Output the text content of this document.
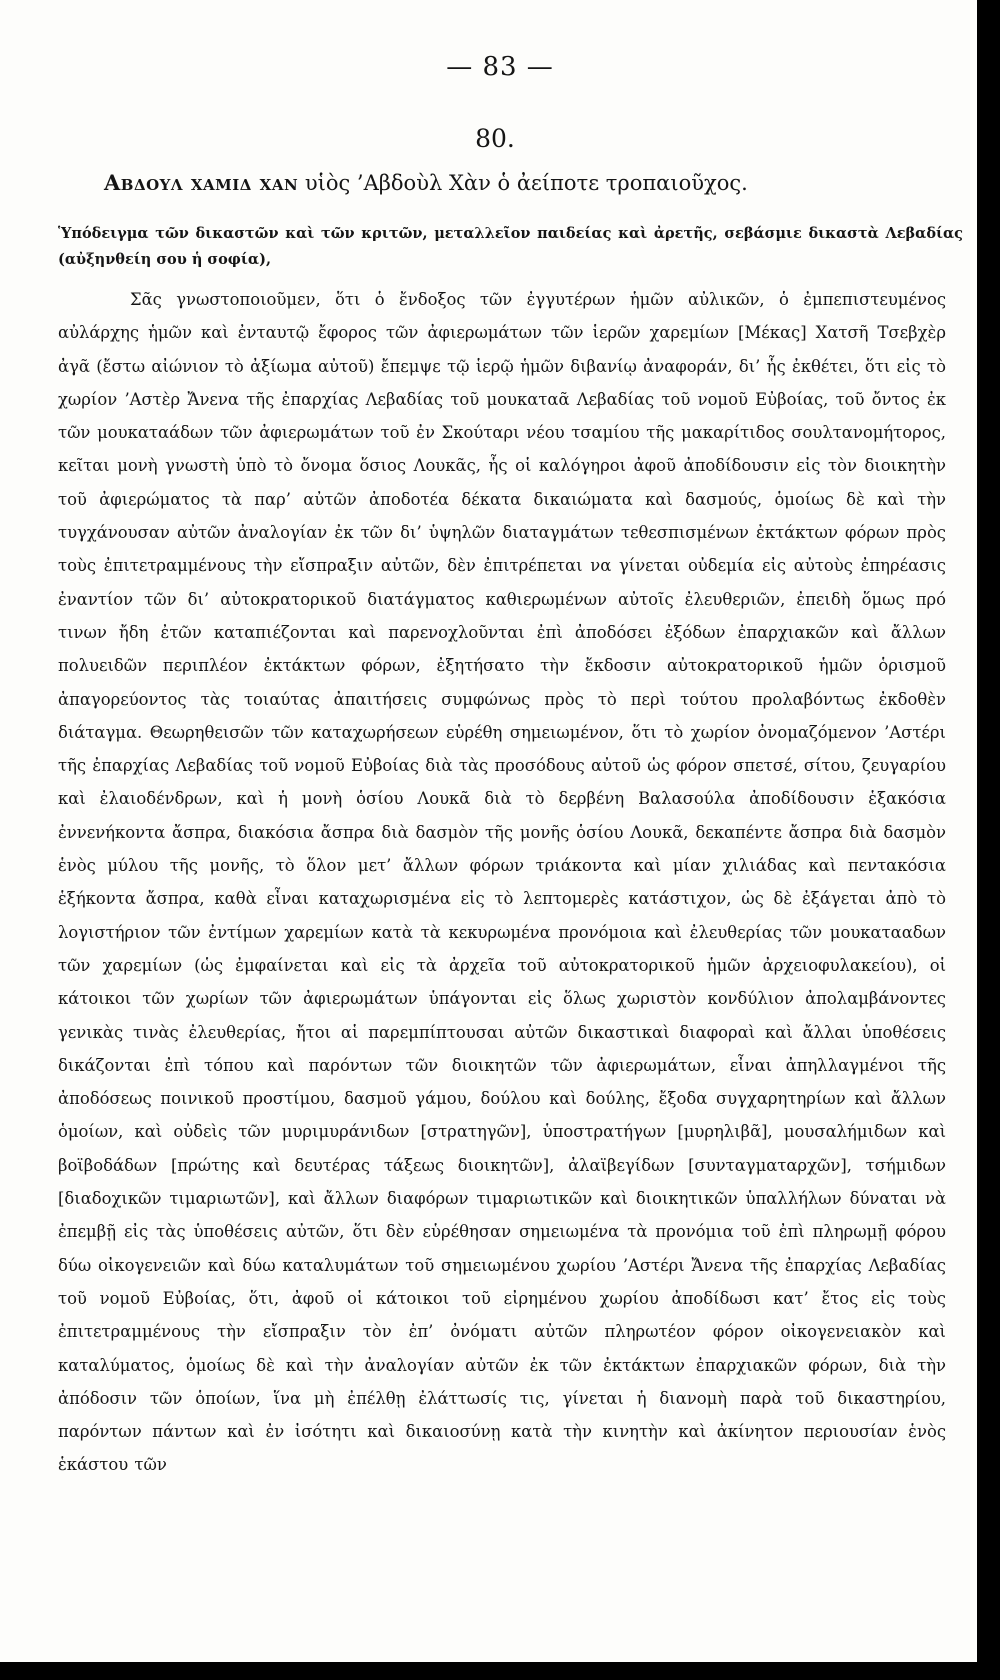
— 83 —
80.
Αβδουλ χαμιδ χαν υἱὸς ’Αβδοὺλ Χὰν ὁ ἀείποτε τροπαιοῦχος.
Ὑπόδειγμα τῶν δικαστῶν καὶ τῶν κριτῶν, μεταλλεῖον παιδείας καὶ ἀρετῆς, σεβάσμιε δικαστὰ Λεβαδίας (αὐξηνθείη σου ἡ σοφία),

Σᾶς γνωστοποιοῦμεν, ὅτι ὁ ἔνδοξος τῶν ἐγγυτέρων ἡμῶν αὐλικῶν, ὁ ἐμπεπιστευμένος αὐλάρχης ἡμῶν καὶ ἐνταυτῷ ἔφορος τῶν ἀφιερωμάτων τῶν ἱερῶν χαρεμίων [Μέκας] Χατσῆ Τσεβχὲρ ἀγᾶ (ἔστω αἰώνιον τὸ ἀξίωμα αὐτοῦ) ἔπεμψε τῷ ἱερῷ ἡμῶν διβανίῳ ἀναφοράν, δι’ ἧς ἐκθέτει, ὅτι εἰς τὸ χωρίον ’Αστὲρ Ἄνενα τῆς ἐπαρχίας Λεβαδίας τοῦ μουκαταᾶ Λεβαδίας τοῦ νομοῦ Εὐβοίας, τοῦ ὄντος ἐκ τῶν μουκαταάδων τῶν ἀφιερωμάτων τοῦ ἐν Σκούταρι νέου τσαμίου τῆς μακαρίτιδος σουλτανομήτορος, κεῖται μονὴ γνωστὴ ὑπὸ τὸ ὄνομα ὅσιος Λουκᾶς, ἧς οἱ καλόγηροι ἀφοῦ ἀποδίδουσιν εἰς τὸν διοικητὴν τοῦ ἀφιερώματος τὰ παρ’ αὐτῶν ἀποδοτέα δέκατα δικαιώματα καὶ δασμούς, ὁμοίως δὲ καὶ τὴν τυγχάνουσαν αὐτῶν ἀναλογίαν ἐκ τῶν δι’ ὑψηλῶν διαταγμάτων τεθεσπισμένων ἐκτάκτων φόρων πρὸς τοὺς ἐπιτετραμμένους τὴν εἴσπραξιν αὐτῶν, δὲν ἐπιτρέπεται να γίνεται οὐδεμία εἰς αὐτοὺς ἐπηρέασις ἐναντίον τῶν δι’ αὐτοκρατορικοῦ διατάγματος καθιερωμένων αὐτοῖς ἐλευθεριῶν, ἐπειδὴ ὅμως πρό τινων ἤδη ἐτῶν καταπιέζονται καὶ παρενοχλοῦνται ἐπὶ ἀποδόσει ἐξόδων ἐπαρχιακῶν καὶ ἄλλων πολυειδῶν περιπλέον ἐκτάκτων φόρων, ἐξητήσατο τὴν ἔκδοσιν αὐτοκρατορικοῦ ἡμῶν ὁρισμοῦ ἀπαγορεύοντος τὰς τοιαύτας ἀπαιτήσεις συμφώνως πρὸς τὸ περὶ τούτου προλαβόντως ἐκδοθὲν διάταγμα. Θεωρηθεισῶν τῶν καταχωρήσεων εὑρέθη σημειωμένον, ὅτι τὸ χωρίον ὀνομαζόμενον ’Αστέρι τῆς ἐπαρχίας Λεβαδίας τοῦ νομοῦ Εὐβοίας διὰ τὰς προσόδους αὐτοῦ ὡς φόρον σπετσέ, σίτου, ζευγαρίου καὶ ἐλαιοδένδρων, καὶ ἡ μονὴ ὁσίου Λουκᾶ διὰ τὸ δερβένη Βαλασούλα ἀποδίδουσιν ἑξακόσια ἐννενήκοντα ἄσπρα, διακόσια ἄσπρα διὰ δασμὸν τῆς μονῆς ὁσίου Λουκᾶ, δεκαπέντε ἄσπρα διὰ δασμὸν ἑνὸς μύλου τῆς μονῆς, τὸ ὅλον μετ’ ἄλλων φόρων τριάκοντα καὶ μίαν χιλιάδας καὶ πεντακόσια ἑξήκοντα ἄσπρα, καθὰ εἶναι καταχωρισμένα εἰς τὸ λεπτομερὲς κατάστιχον, ὡς δὲ ἐξάγεται ἀπὸ τὸ λογιστήριον τῶν ἐντίμων χαρεμίων κατὰ τὰ κεκυρωμένα προνόμοια καὶ ἐλευθερίας τῶν μουκατααδων τῶν χαρεμίων (ὡς ἐμφαίνεται καὶ εἰς τὰ ἀρχεῖα τοῦ αὐτοκρατορικοῦ ἡμῶν ἀρχειοφυλακείου), οἱ κάτοικοι τῶν χωρίων τῶν ἀφιερωμάτων ὑπάγονται εἰς ὅλως χωριστὸν κονδύλιον ἀπολαμβάνοντες γενικὰς τινὰς ἐλευθερίας, ἤτοι αἱ παρεμπίπτουσαι αὐτῶν δικαστικαὶ διαφοραὶ καὶ ἄλλαι ὑποθέσεις δικάζονται ἐπὶ τόπου καὶ παρόντων τῶν διοικητῶν τῶν ἀφιερωμάτων, εἶναι ἀπηλλαγμένοι τῆς ἀποδόσεως ποινικοῦ προστίμου, δασμοῦ γάμου, δούλου καὶ δούλης, ἔξοδα συγχαρητηρίων καὶ ἄλλων ὁμοίων, καὶ οὐδεὶς τῶν μυριμυράνιδων [στρατηγῶν], ὑποστρατήγων [μυρηλιβᾶ], μουσαλήμιδων καὶ βοϊβοδάδων [πρώτης καὶ δευτέρας τάξεως διοικητῶν], ἀλαϊβεγίδων [συνταγματαρχῶν], τσήμιδων [διαδοχικῶν τιμαριωτῶν], καὶ ἄλλων διαφόρων τιμαριωτικῶν καὶ διοικητικῶν ὑπαλλήλων δύναται νὰ ἐπεμβῇ εἰς τὰς ὑποθέσεις αὐτῶν, ὅτι δὲν εὑρέθησαν σημειωμένα τὰ προνόμια τοῦ ἐπὶ πληρωμῇ φόρου δύω οἰκογενειῶν καὶ δύω καταλυμάτων τοῦ σημειωμένου χωρίου ’Αστέρι Ἄνενα τῆς ἐπαρχίας Λεβαδίας τοῦ νομοῦ Εὐβοίας, ὅτι, ἀφοῦ οἱ κάτοικοι τοῦ εἰρημένου χωρίου ἀποδίδωσι κατ’ ἔτος εἰς τοὺς ἐπιτετραμμένους τὴν εἴσπραξιν τὸν ἐπ’ ὀνόματι αὐτῶν πληρωτέον φόρον οἰκογενειακὸν καὶ καταλύματος, ὁμοίως δὲ καὶ τὴν ἀναλογίαν αὐτῶν ἐκ τῶν ἐκτάκτων ἐπαρχιακῶν φόρων, διὰ τὴν ἀπόδοσιν τῶν ὁποίων, ἵνα μὴ ἐπέλθῃ ἐλάττωσίς τις, γίνεται ἡ διανομὴ παρὰ τοῦ δικαστηρίου, παρόντων πάντων καὶ ἐν ἰσότητι καὶ δικαιοσύνῃ κατὰ τὴν κινητὴν καὶ ἀκίνητον περιουσίαν ἑνὸς ἑκάστου τῶν
